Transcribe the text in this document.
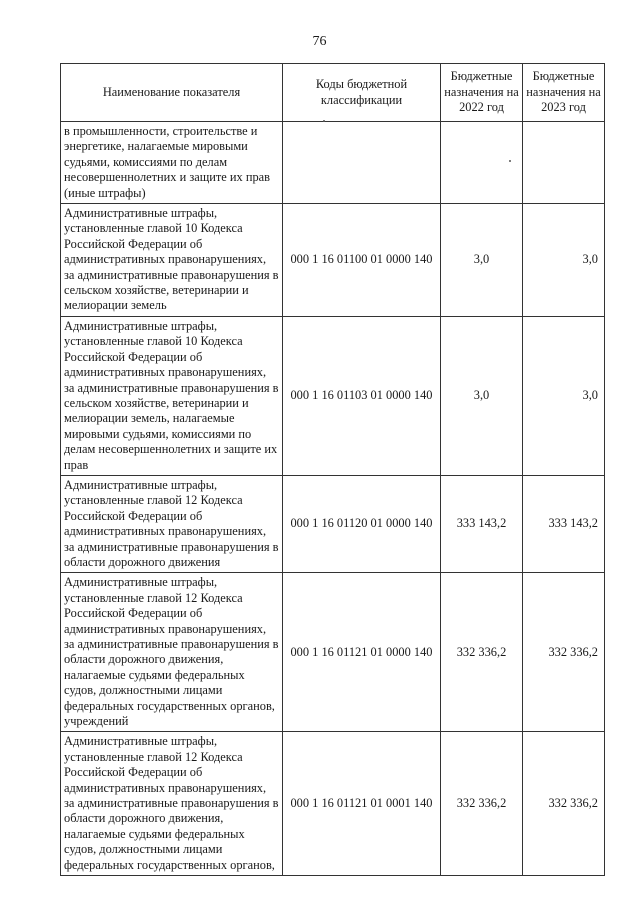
76
Наименование показателя	Коды бюджетной классификации	Бюджетные назначения на 2022 год	Бюджетные назначения на 2023 год
в промышленности, строительстве и энергетике, налагаемые мировыми судьями, комиссиями по делам несовершеннолетних и защите их прав (иные штрафы)			
Административные штрафы, установленные главой 10 Кодекса Российской Федерации об административных правонарушениях, за административные правонарушения в сельском хозяйстве, ветеринарии и мелиорации земель	000 1 16 01100 01 0000 140	3,0	3,0
Административные штрафы, установленные главой 10 Кодекса Российской Федерации об административных правонарушениях, за административные правонарушения в сельском хозяйстве, ветеринарии и мелиорации земель, налагаемые мировыми судьями, комиссиями по делам несовершеннолетних и защите их прав	000 1 16 01103 01 0000 140	3,0	3,0
Административные штрафы, установленные главой 12 Кодекса Российской Федерации об административных правонарушениях, за административные правонарушения в области дорожного движения	000 1 16 01120 01 0000 140	333 143,2	333 143,2
Административные штрафы, установленные главой 12 Кодекса Российской Федерации об административных правонарушениях, за административные правонарушения в области дорожного движения, налагаемые судьями федеральных судов, должностными лицами федеральных государственных органов, учреждений	000 1 16 01121 01 0000 140	332 336,2	332 336,2
Административные штрафы, установленные главой 12 Кодекса Российской Федерации об административных правонарушениях, за административные правонарушения в области дорожного движения, налагаемые судьями федеральных судов, должностными лицами федеральных государственных органов,	000 1 16 01121 01 0001 140	332 336,2	332 336,2
